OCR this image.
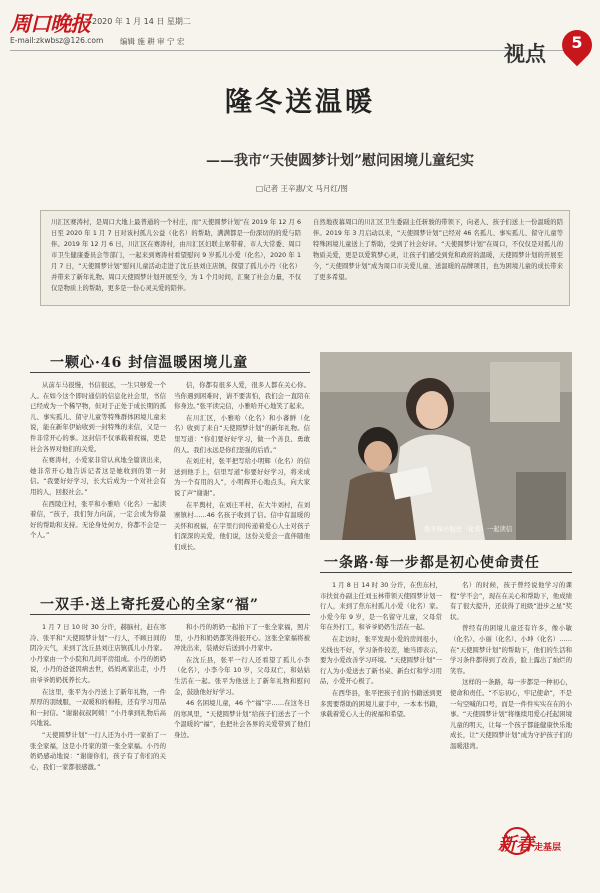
周口晚报 2020 年 1 月 14 日 星期二
E-mail:zkwbsz@126.com 编辑 施 耕 审 宁 宏
视点	5
隆冬送温暖
——我市“天使圆梦计划”慰问困境儿童纪实
□记者 王辛惠/文 马月红/图

川汇区赛涛村，是周口大地上最普通的一个村庄，而“天使圆梦计划”在 2019 年 12 月 6 日至 2020 年 1 月 7 日对该村孤儿公益（化名）的帮助，满满都是一份深切的的爱与陪伴。2019 年 12 月 6 日，川汇区在赛涛村，由川汇区妇联主席带着、市人大常委、周口市卫生健康委员会等部门，一起来到赛涛村看望慰问 9 岁孤儿小爱（化名），2020 年 1 月 7 日，“天使圆梦计划”慰问儿童活动走进了沈丘县刘庄店镇，探望了孤儿小丹（化名）并带来了新年礼物。周口天使圆梦计划开展至今，为 1 个月时间，汇聚了社会力量，不仅仅是物质上的帮助，更多是一份心灵关爱的陪伴。

自然地夜幕周口的川汇区卫生委副主任斩骏的带领下，向老人、孩子们送上一份温暖的陪伴。2019 年 3 月启动以来，“天使圆梦计划”已经对 46 名孤儿、事实孤儿、留守儿童等特殊困境儿童送上了帮助，受到了社会好评。“天使圆梦计划”在周口，不仅仅是对孤儿的物质关爱，更是以爱筑梦心灵，让孩子们感受到党和政府的温暖，天使圆梦计划的开展至今，“天使圆梦计划”成为周口市关爱儿童、送温暖的品牌项目，也为困境儿童的成长带来了更多希望。

一颗心·46 封信温暖困境儿童

从前车马很慢，书信很远，一生只够爱一个人。在如今这个即时通信的信息化社会里，书信已经成为一个稀罕物，但对于正处于成长期的孤儿、事实孤儿、留守儿童等特殊群体困境儿童来说，能在新年伊始收到一封特殊的来信，又是一件非常开心的事。这封信不仅承载着祝福，更是社会各界对他们的关爱。

在赛涛村，小爱家非常认真地全篇读出来，她非常开心地告诉记者这是她收到的第一封信。“我要好好学习，长大后成为一个对社会有用的人，回报社会。”

在西陵庄村，张平和小雅哈（化名）一起读着信，“孩子，我们努力向前，一定会成为你最好的帮助和支持。无论身处何方，你都不会是一个人。”

信，你都有很多人爱，很多人都在关心你。当你遇到困难时，请不要害怕，我们会一直陪在你身边。”张平读完信，小雅哈开心地笑了起来。

在川汇区，小雅哈（化名）和小蕃鲜（化名）收到了来自“天使圆梦计划”的新年礼物。信里写道：“你们要好好学习，做一个善良、勇敢的人。我们永远是你们坚强的后盾。”

在刘庄村，张平把写给小明辉（化名）的信送到他手上，信里写道“你要好好学习，将来成为一个有用的人”，小明辉开心地点头，向大家说了声“谢谢”。

在平舆村，在刘庄平村，在大牛刘村，在刘寨镇村……46 名孩子收到了信。信中有温暖的关怀和祝福，在字里行间传递着爱心人士对孩子们深深的关爱，他们说，这份关爱会一直伴随他们成长。

张平和小旭亮（化名）一起读信
一双手·送上寄托爱心的全家“福”

1 月 7 日 10 时 30 分许，赫脑村，赶在寒冷、张平和“天使圆梦计划”一行人，不顾日间的阴冷天气，来到了沈丘县刘庄店镇孤儿小丹家。小丹家由一个小院和几间平房组成。小丹的奶奶说，小丹的爸爸因病去世，妈妈离家出走，小丹由爷爷奶奶抚养长大。

在这里，张平为小丹送上了新年礼物，一件厚厚的羽绒服，一双暖和的棉鞋，还有学习用品和一封信。“谢谢叔叔阿姨！”小丹拿到礼物后高兴地说。

“天使圆梦计划”一行人还为小丹一家拍了一张全家福，这是小丹家的第一张全家福。小丹的奶奶感动地说：“谢谢你们，孩子有了你们的关心，我们一家都很感激。”

和小丹的奶奶一起拍下了一张全家福，照片里，小丹和奶奶都笑得很开心。这张全家福将被冲洗出来，装裱好后送到小丹家中。

在沈丘县，张平一行人还看望了孤儿小李（化名），小李今年 10 岁，父母双亡，和姑姑生活在一起。张平为他送上了新年礼物和慰问金，鼓励他好好学习。

46 名困境儿童，46 个“福”字……在这冬日的寒风里，“天使圆梦计划”给孩子们送去了一个个温暖的“福”，也把社会各界的关爱带到了他们身边。

一条路·每一步都是初心使命责任

1 月 8 日 14 时 30 分许，在焦东村，市扶贫办副主任刘玉林带领天使圆梦计划一行人，来到了焦东村孤儿小爱（化名）家。小爱今年 9 岁，是一名留守儿童，父母常年在外打工，和爷爷奶奶生活在一起。

在走访时，张平发现小爱的房间很小，光线也不好，学习条件较差，她当即表示，要为小爱改善学习环境。“天使圆梦计划”一行人为小爱送去了新书桌、新台灯和学习用品，小爱开心极了。

在西华县，张平把孩子们的书籍送到更多需要帮助的困境儿童手中，一本本书籍，承载着爱心人士的祝福和希望。

名）的时候，孩子曾经说他学习的课程“学不会”，现在在关心和帮助下，他成绩有了很大提升，还获得了班级“进步之星”奖状。

曾经有的困境儿童还有许多，像小敏（化名）、小丽（化名）、小坤（化名）……在“天使圆梦计划”的帮助下，他们的生活和学习条件都得到了改善，脸上露出了灿烂的笑容。

这样的一条路，每一步都是一种初心，使命和责任。“不忘初心，牢记使命”，不是一句空喊的口号，而是一件件实实在在的小事。“天使圆梦计划”将继续用爱心托起困境儿童的明天，让每一个孩子都能健康快乐地成长，让“天使圆梦计划”成为守护孩子们的温暖港湾。

新春 走基层
